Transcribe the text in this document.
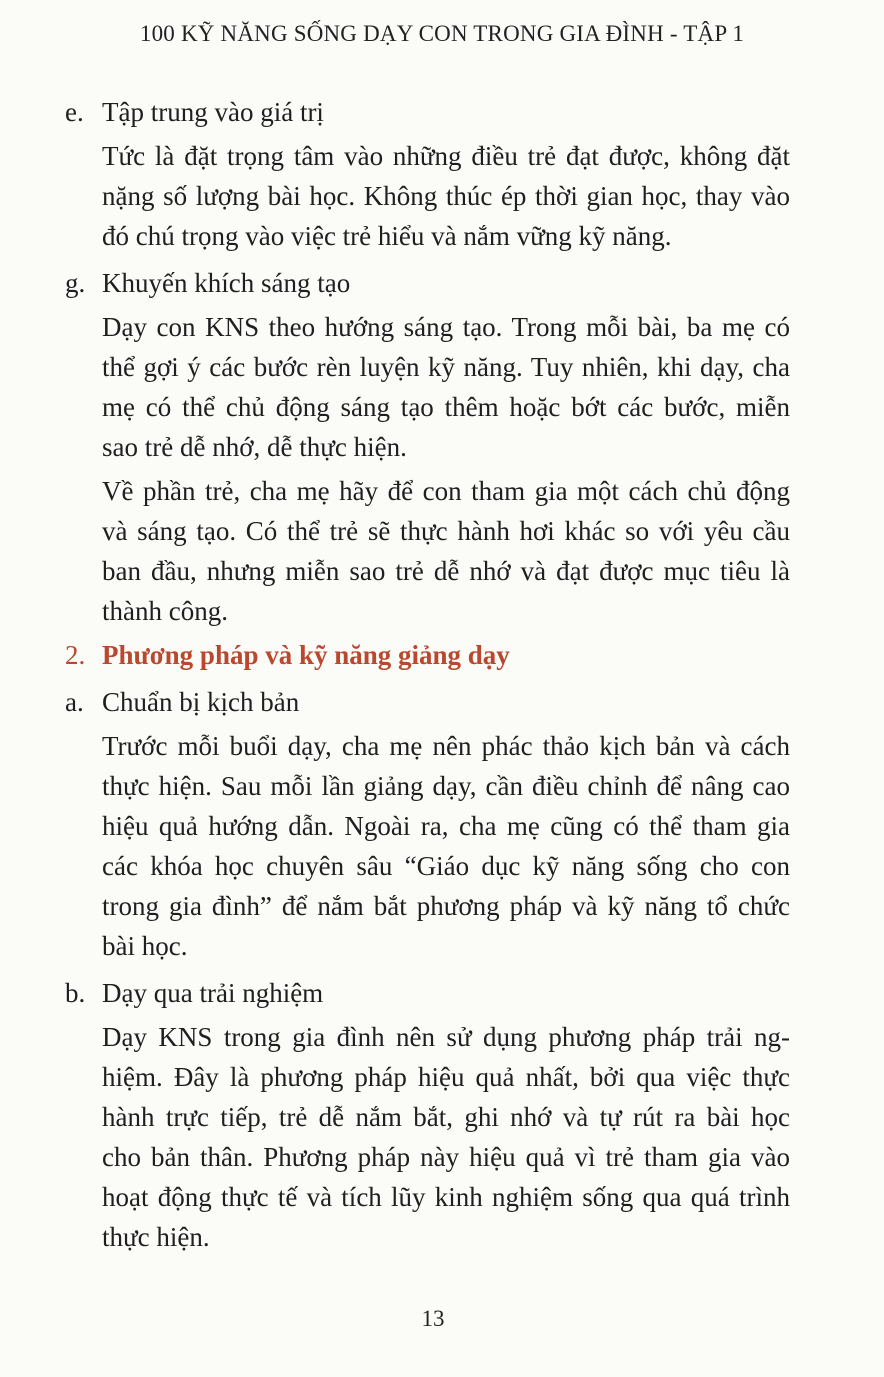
100 KỸ NĂNG SỐNG DẠY CON TRONG GIA ĐÌNH - TẬP 1
e. Tập trung vào giá trị
Tức là đặt trọng tâm vào những điều trẻ đạt được, không đặt
nặng số lượng bài học. Không thúc ép thời gian học, thay vào
đó chú trọng vào việc trẻ hiểu và nắm vững kỹ năng.
g. Khuyến khích sáng tạo
Dạy con KNS theo hướng sáng tạo. Trong mỗi bài, ba mẹ có
thể gợi ý các bước rèn luyện kỹ năng. Tuy nhiên, khi dạy, cha
mẹ có thể chủ động sáng tạo thêm hoặc bớt các bước, miễn
sao trẻ dễ nhớ, dễ thực hiện.
Về phần trẻ, cha mẹ hãy để con tham gia một cách chủ động
và sáng tạo. Có thể trẻ sẽ thực hành hơi khác so với yêu cầu
ban đầu, nhưng miễn sao trẻ dễ nhớ và đạt được mục tiêu là
thành công.
2. Phương pháp và kỹ năng giảng dạy
a. Chuẩn bị kịch bản
Trước mỗi buổi dạy, cha mẹ nên phác thảo kịch bản và cách
thực hiện. Sau mỗi lần giảng dạy, cần điều chỉnh để nâng cao
hiệu quả hướng dẫn. Ngoài ra, cha mẹ cũng có thể tham gia
các khóa học chuyên sâu “Giáo dục kỹ năng sống cho con
trong gia đình” để nắm bắt phương pháp và kỹ năng tổ chức
bài học.
b. Dạy qua trải nghiệm
Dạy KNS trong gia đình nên sử dụng phương pháp trải ng-
hiệm. Đây là phương pháp hiệu quả nhất, bởi qua việc thực
hành trực tiếp, trẻ dễ nắm bắt, ghi nhớ và tự rút ra bài học
cho bản thân. Phương pháp này hiệu quả vì trẻ tham gia vào
hoạt động thực tế và tích lũy kinh nghiệm sống qua quá trình
thực hiện.
13
